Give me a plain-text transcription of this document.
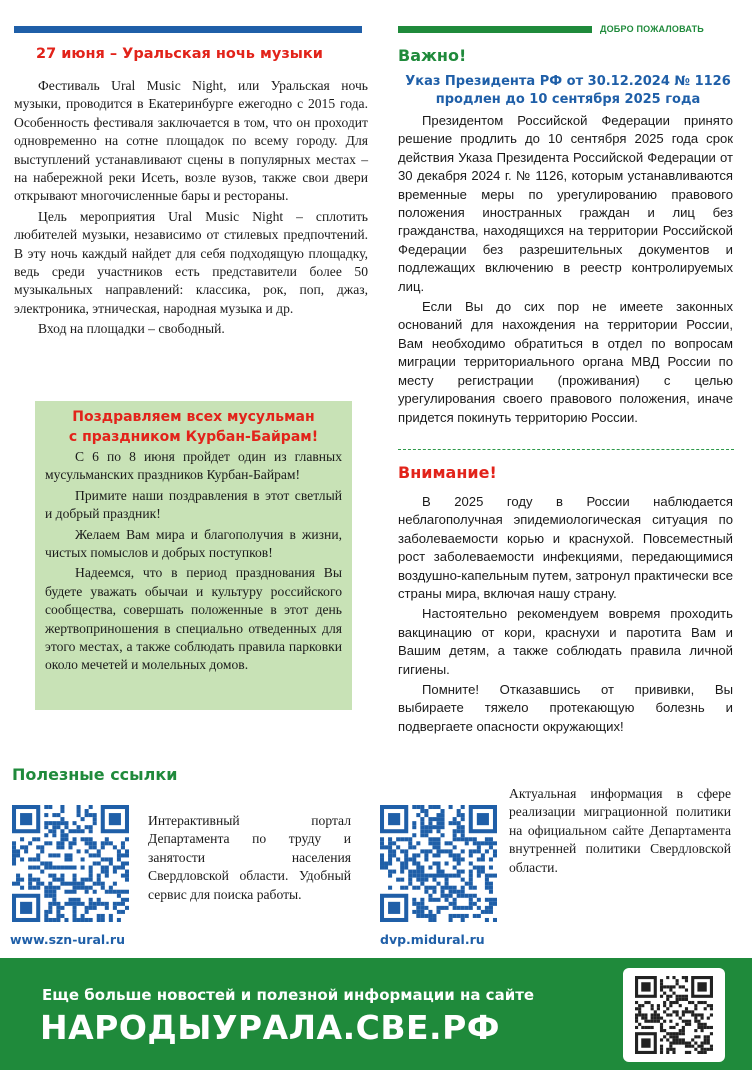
ДОБРО ПОЖАЛОВАТЬ
27 июня – Уральская ночь музыки

Фестиваль Ural Music Night, или Уральская ночь музыки, проводится в Екатеринбурге ежегодно с 2015 года. Особенность фестиваля заключается в том, что он проходит одновременно на сотне площадок по всему городу. Для выступлений устанавливают сцены в популярных местах – на набережной реки Исеть, возле вузов, также свои двери открывают многочисленные бары и рестораны.

Цель мероприятия Ural Music Night – сплотить любителей музыки, независимо от стилевых предпочтений. В эту ночь каждый найдет для себя подходящую площадку, ведь среди участников есть представители более 50 музыкальных направлений: классика, рок, поп, джаз, электроника, этническая, народная музыка и др.

Вход на площадки – свободный.

Поздравляем всех мусульман
с праздником Курбан-Байрам!

С 6 по 8 июня пройдет один из главных мусульманских праздников Курбан-Байрам!

Примите наши поздравления в этот светлый и добрый праздник!

Желаем Вам мира и благополучия в жизни, чистых помыслов и добрых поступков!

Надеемся, что в период празднования Вы будете уважать обычаи и культуру российского сообщества, совершать положенные в этот день жертвоприношения в специально отведенных для этого местах, а также соблюдать правила парковки около мечетей и молельных домов.

Важно!
Указ Президента РФ от 30.12.2024 № 1126
продлен до 10 сентября 2025 года

Президентом Российской Федерации принято решение продлить до 10 сентября 2025 года срок действия Указа Президента Российской Федерации от 30 декабря 2024 г. № 1126, которым устанавливаются временные меры по урегулированию правового положения иностранных граждан и лиц без гражданства, находящихся на территории Российской Федерации без разрешительных документов и подлежащих включению в реестр контролируемых лиц.

Если Вы до сих пор не имеете законных оснований для нахождения на территории России, Вам необходимо обратиться в отдел по вопросам миграции территориального органа МВД России по месту регистрации (проживания) с целью урегулирования своего правового положения, иначе придется покинуть территорию России.

Внимание!

В 2025 году в России наблюдается неблагополучная эпидемиологическая ситуация по заболеваемости корью и краснухой. Повсеместный рост заболеваемости инфекциями, передающимися воздушно-капельным путем, затронул практически все страны мира, включая нашу страну.

Настоятельно рекомендуем вовремя проходить вакцинацию от кори, краснухи и паротита Вам и Вашим детям, а также соблюдать правила личной гигиены.

Помните! Отказавшись от прививки, Вы выбираете тяжело протекающую болезнь и подвергаете опасности окружающих!

Полезные ссылки
Интерактивный портал Департамента по труду и занятости населения Свердловской области. Удобный сервис для поиска работы.
www.szn-ural.ru
Актуальная информация в сфере реализации миграционной политики на официальном сайте Департамента внутренней политики Свердловской области.
dvp.midural.ru
Еще больше новостей и полезной информации на сайте
НАРОДЫУРАЛА.СВЕ.РФ
